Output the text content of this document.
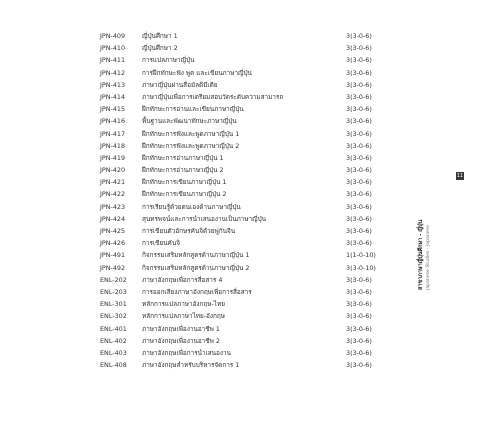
JPN-409	ญี่ปุ่นศึกษา 1	3(3-0-6)
JPN-410	ญี่ปุ่นศึกษา 2	3(3-0-6)
JPN-411	การแปลภาษาญี่ปุ่น	3(3-0-6)
JPN-412	การฝึกทักษะฟัง พูด และเขียนภาษาญี่ปุ่น	3(3-0-6)
JPN-413	ภาษาญี่ปุ่นผ่านสื่อมัลติมีเดีย	3(3-0-6)
JPN-414	ภาษาญี่ปุ่นเพื่อการเตรียมสอบวัดระดับความสามารถ	3(3-0-6)
JPN-415	ฝึกทักษะการอ่านและเขียนภาษาญี่ปุ่น	3(3-0-6)
JPN-416	พื้นฐานและพัฒนาทักษะภาษาญี่ปุ่น	3(3-0-6)
JPN-417	ฝึกทักษะการฟังและพูดภาษาญี่ปุ่น 1	3(3-0-6)
JPN-418	ฝึกทักษะการฟังและพูดภาษาญี่ปุ่น 2	3(3-0-6)
JPN-419	ฝึกทักษะการอ่านภาษาญี่ปุ่น 1	3(3-0-6)
JPN-420	ฝึกทักษะการอ่านภาษาญี่ปุ่น 2	3(3-0-6)
JPN-421	ฝึกทักษะการเขียนภาษาญี่ปุ่น 1	3(3-0-6)
JPN-422	ฝึกทักษะการเขียนภาษาญี่ปุ่น 2	3(3-0-6)
JPN-423	การเรียนรู้ด้วยตนเองด้านภาษาญี่ปุ่น	3(3-0-6)
JPN-424	สุนทรพจน์และการนำเสนองานเป็นภาษาญี่ปุ่น	3(3-0-6)
JPN-425	การเขียนตัวอักษรคันจิด้วยพู่กันจีน	3(3-0-6)
JPN-426	การเขียนคันจิ	3(3-0-6)
JPN-491	กิจกรรมเสริมหลักสูตรด้านภาษาญี่ปุ่น 1	1(1-0-10)
JPN-492	กิจกรรมเสริมหลักสูตรด้านภาษาญี่ปุ่น 2	3(3-0-10)
ENL-202	ภาษาอังกฤษเพื่อการสื่อสาร 4	3(3-0-6)
ENL-203	การออกเสียงภาษาอังกฤษเพื่อการสื่อสาร	3(3-0-6)
ENL-301	หลักการแปลภาษาอังกฤษ-ไทย	3(3-0-6)
ENL-302	หลักการแปลภาษาไทย-อังกฤษ	3(3-0-6)
ENL-401	ภาษาอังกฤษเพื่องานอาชีพ 1	3(3-0-6)
ENL-402	ภาษาอังกฤษเพื่องานอาชีพ 2	3(3-0-6)
ENL-403	ภาษาอังกฤษเพื่อการนำเสนองาน	3(3-0-6)
ENL-408	ภาษาอังกฤษสำหรับบริหารจัดการ 1	3(3-0-6)
11
สาขาภาษาญี่ปุ่นศึกษา - ญี่ปุ่น Japanese Studies - Japanese
